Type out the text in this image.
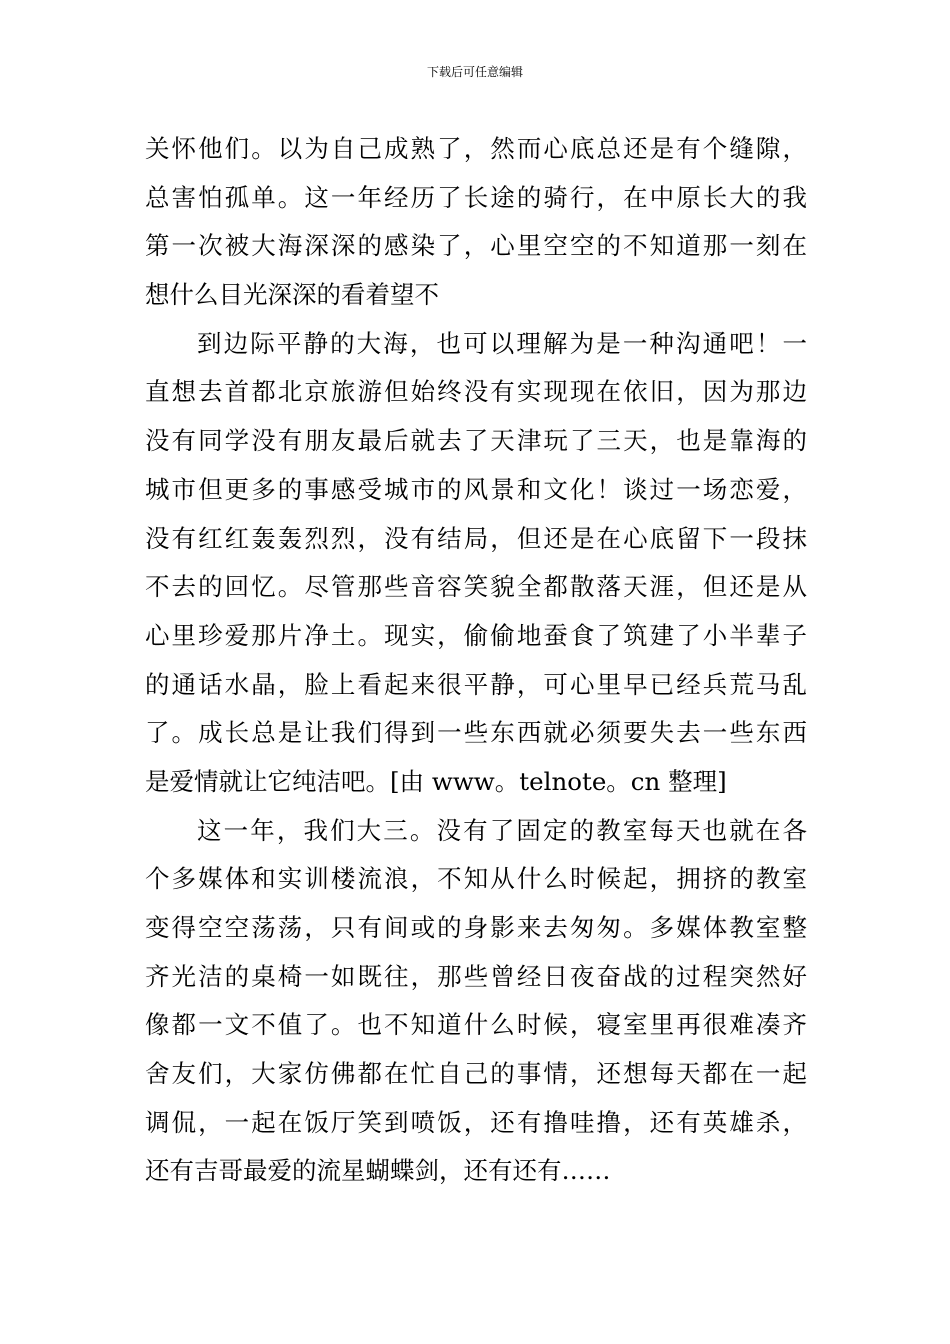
下载后可任意编辑
关怀他们。以为自己成熟了，然而心底总还是有个缝隙，
总害怕孤单。这一年经历了长途的骑行，在中原长大的我
第一次被大海深深的感染了，心里空空的不知道那一刻在
想什么目光深深的看着望不
到边际平静的大海，也可以理解为是一种沟通吧！一
直想去首都北京旅游但始终没有实现现在依旧，因为那边
没有同学没有朋友最后就去了天津玩了三天，也是靠海的
城市但更多的事感受城市的风景和文化！谈过一场恋爱，
没有红红轰轰烈烈，没有结局，但还是在心底留下一段抹
不去的回忆。尽管那些音容笑貌全都散落天涯，但还是从
心里珍爱那片净土。现实，偷偷地蚕食了筑建了小半辈子
的通话水晶，脸上看起来很平静，可心里早已经兵荒马乱
了。成长总是让我们得到一些东西就必须要失去一些东西
是爱情就让它纯洁吧。[由 www。telnote。cn 整理]
这一年，我们大三。没有了固定的教室每天也就在各
个多媒体和实训楼流浪，不知从什么时候起，拥挤的教室
变得空空荡荡，只有间或的身影来去匆匆。多媒体教室整
齐光洁的桌椅一如既往，那些曾经日夜奋战的过程突然好
像都一文不值了。也不知道什么时候，寝室里再很难凑齐
舍友们，大家仿佛都在忙自己的事情，还想每天都在一起
调侃，一起在饭厅笑到喷饭，还有撸哇撸，还有英雄杀，
还有吉哥最爱的流星蝴蝶剑，还有还有……
